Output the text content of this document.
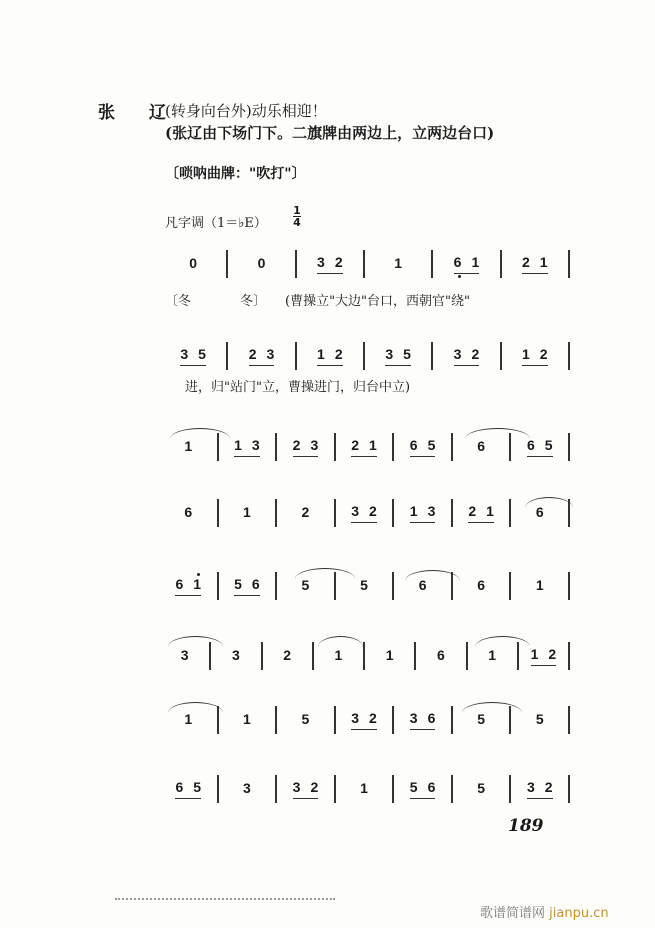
张 辽
(转身向台外)动乐相迎！
(张辽由下场门下。二旗牌由两边上，立两边台口)
〔唢呐曲牌："吹打"〕
凡字调（1＝♭E）
1
4
〔冬	冬〕 (曹操立"大边"台口，西朝官"绕"
进，归"站门"立，曹操进门，归台中立)
0	0	3 2	1	6 1	2 1
3 5	2 3	1 2	3 5	3 2	1 2
1	1 3 2 3 2 1 6 5	6	6 5
6	1	2	3 2 1 3 2 1	6
6 1 5 6	5	5	6	6	1
3	3	2	1	1	6	1 1 2
1	1	5	3 2 3 6	5	5
6 5	3	3 2	1	5 6	5	3 2
189
歌谱简谱网 jianpu.cn
